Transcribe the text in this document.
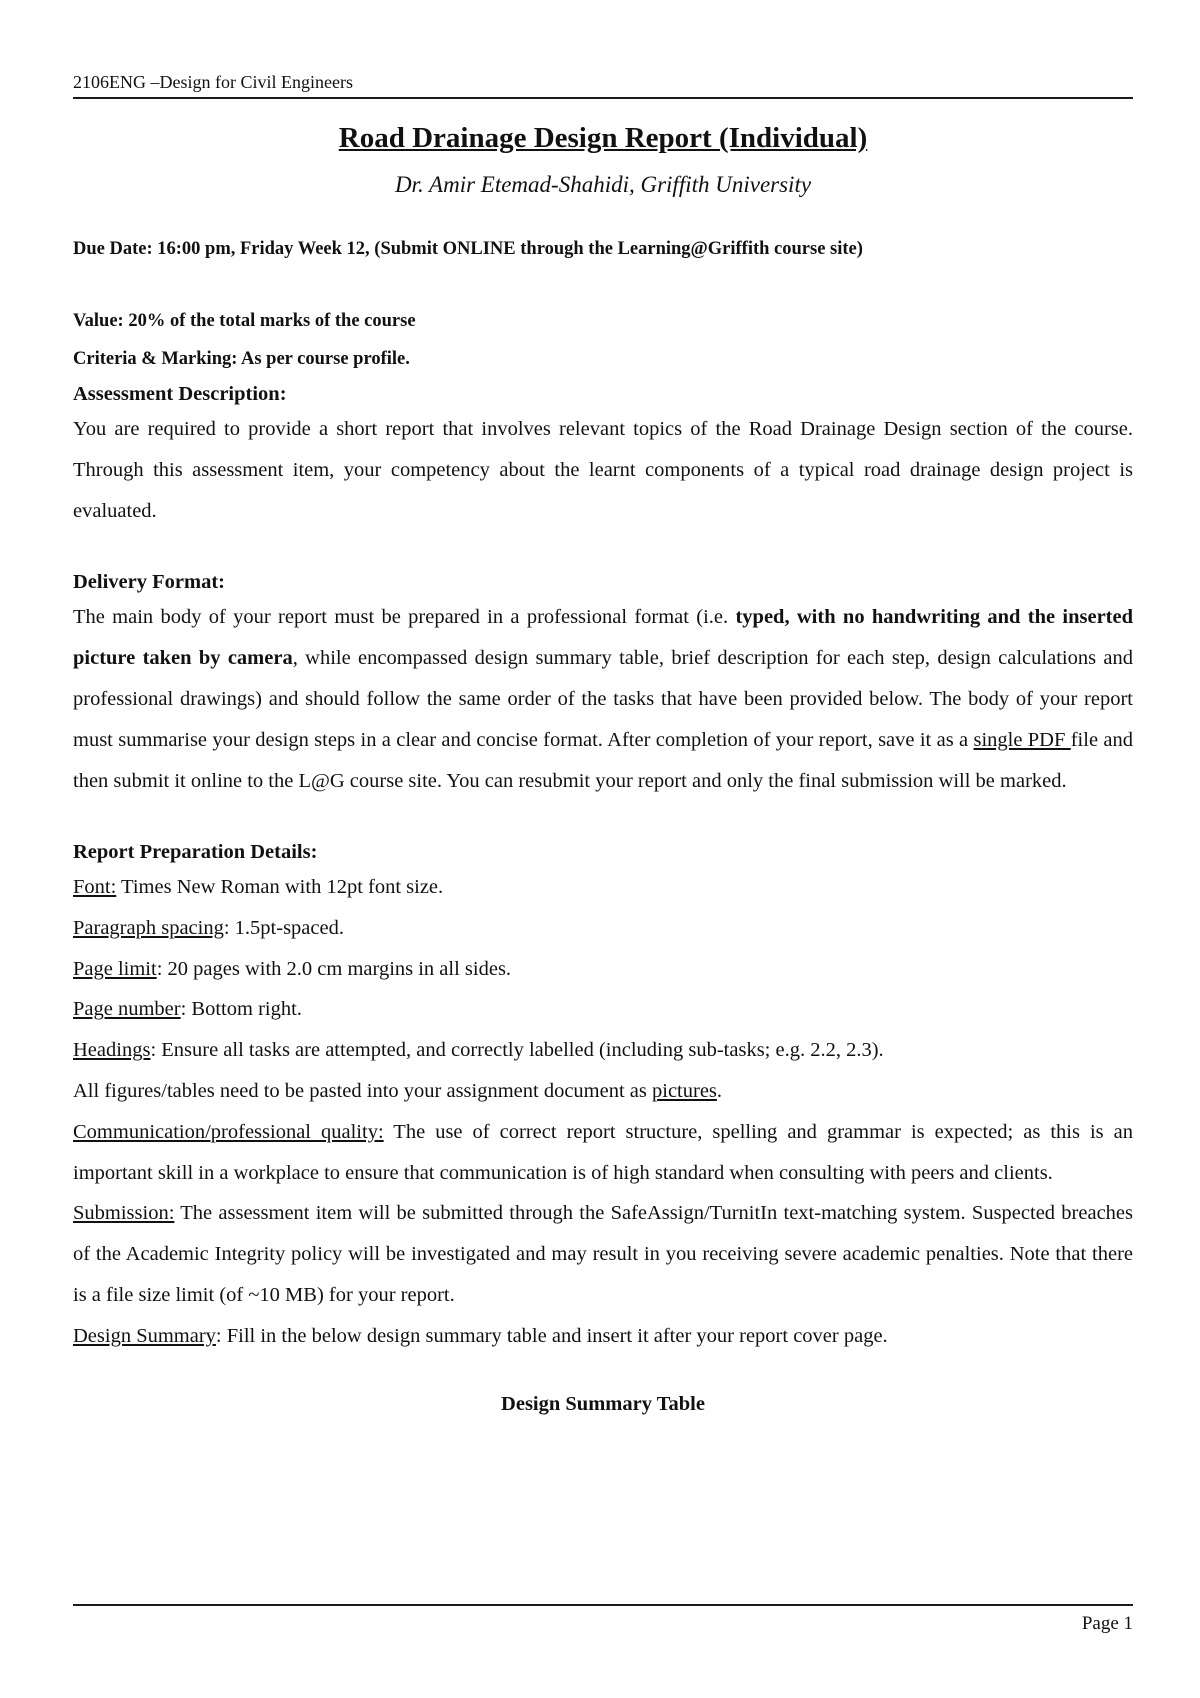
2106ENG –Design for Civil Engineers
Road Drainage Design Report (Individual)

Dr. Amir Etemad-Shahidi, Griffith University

Due Date: 16:00 pm, Friday Week 12, (Submit ONLINE through the Learning@Griffith course site)

Value: 20% of the total marks of the course

Criteria & Marking: As per course profile.

Assessment Description:

You are required to provide a short report that involves relevant topics of the Road Drainage Design section of the course. Through this assessment item, your competency about the learnt components of a typical road drainage design project is evaluated.

Delivery Format:

The main body of your report must be prepared in a professional format (i.e. typed, with no handwriting and the inserted picture taken by camera, while encompassed design summary table, brief description for each step, design calculations and professional drawings) and should follow the same order of the tasks that have been provided below. The body of your report must summarise your design steps in a clear and concise format. After completion of your report, save it as a single PDF file and then submit it online to the L@G course site. You can resubmit your report and only the final submission will be marked.

Report Preparation Details:

Font: Times New Roman with 12pt font size.

Paragraph spacing: 1.5pt-spaced.

Page limit: 20 pages with 2.0 cm margins in all sides.

Page number: Bottom right.

Headings: Ensure all tasks are attempted, and correctly labelled (including sub-tasks; e.g. 2.2, 2.3).

All figures/tables need to be pasted into your assignment document as pictures.

Communication/professional quality: The use of correct report structure, spelling and grammar is expected; as this is an important skill in a workplace to ensure that communication is of high standard when consulting with peers and clients.

Submission: The assessment item will be submitted through the SafeAssign/TurnitIn text-matching system. Suspected breaches of the Academic Integrity policy will be investigated and may result in you receiving severe academic penalties. Note that there is a file size limit (of ~10 MB) for your report.

Design Summary: Fill in the below design summary table and insert it after your report cover page.

Design Summary Table

Page 1
